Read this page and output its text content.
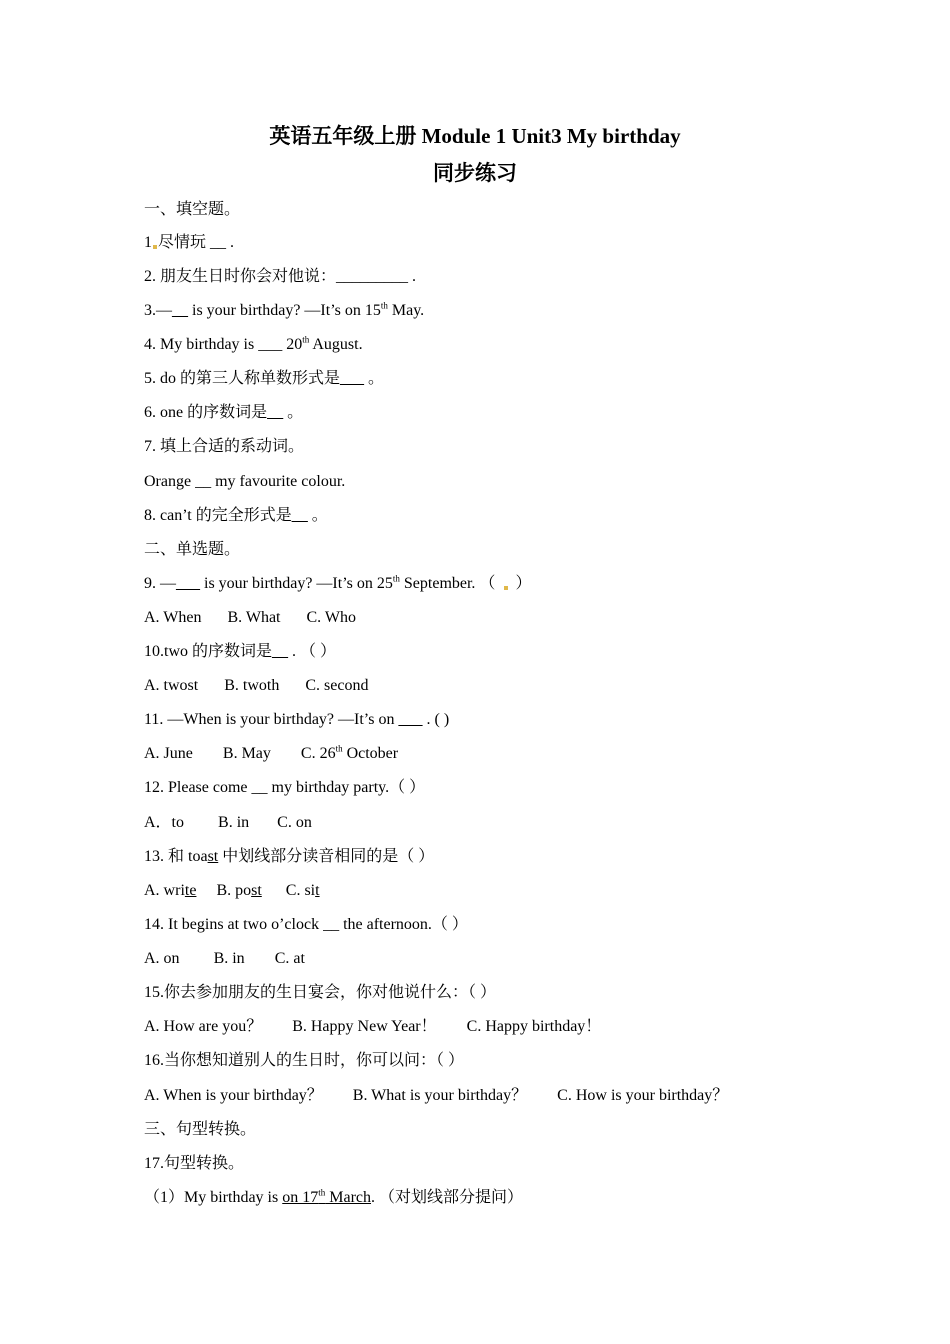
英语五年级上册 Module 1 Unit3 My birthday
同步练习
一、填空题。
1 尽情玩 __ .
2. 朋友生日时你会对他说：_________ .
3.—__ is your birthday? —It’s on 15th May.
4. My birthday is ___ 20th August.
5. do 的第三人称单数形式是___ 。
6. one 的序数词是__ 。
7. 填上合适的系动词。
Orange __ my favourite colour.
8. can’t 的完全形式是__ 。
二、单选题。
9. —___ is your birthday? —It’s on 25th September. （ ）
A. When B. What C. Who
10.two 的序数词是__ . （ ）
A. twost B. twoth C. second
11. —When is your birthday? —It’s on ___ . ( )
A. June B. May C. 26th October
12. Please come __ my birthday party.（ ）
A．to B. in C. on
13. 和 toast 中划线部分读音相同的是（ ）
A. write B. post C. sit
14. It begins at two o’clock __ the afternoon.（ ）
A. on B. in C. at
15.你去参加朋友的生日宴会，你对他说什么：（ ）
A. How are you？ B. Happy New Year！ C. Happy birthday！
16.当你想知道别人的生日时，你可以问：（ ）
A. When is your birthday？ B. What is your birthday？ C. How is your birthday？
三、句型转换。
17.句型转换。
（1）My birthday is on 17th March. （对划线部分提问）
